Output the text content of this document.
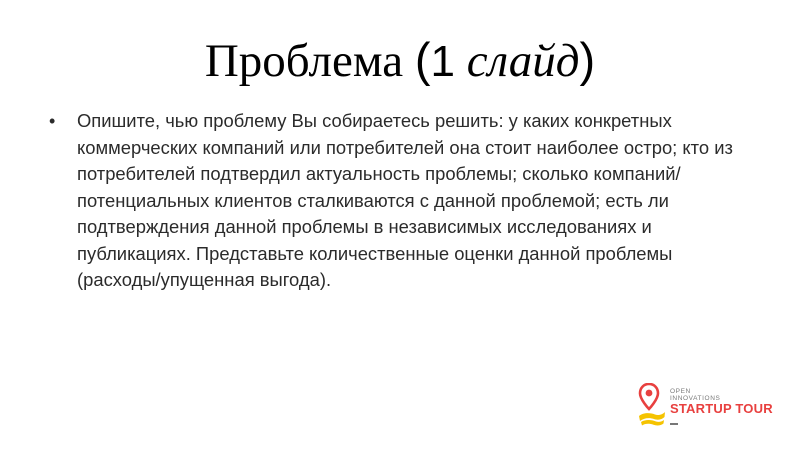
Проблема (1 слайд)
• Опишите, чью проблему Вы собираетесь решить: у каких конкретных коммерческих компаний или потребителей она стоит наиболее остро; кто из потребителей подтвердил актуальность проблемы; сколько компаний/потенциальных клиентов сталкиваются с данной проблемой; есть ли подтверждения данной проблемы в независимых исследованиях и публикациях. Представьте количественные оценки данной проблемы (расходы/упущенная выгода).
OPEN
INNOVATIONS
STARTUP TOUR
